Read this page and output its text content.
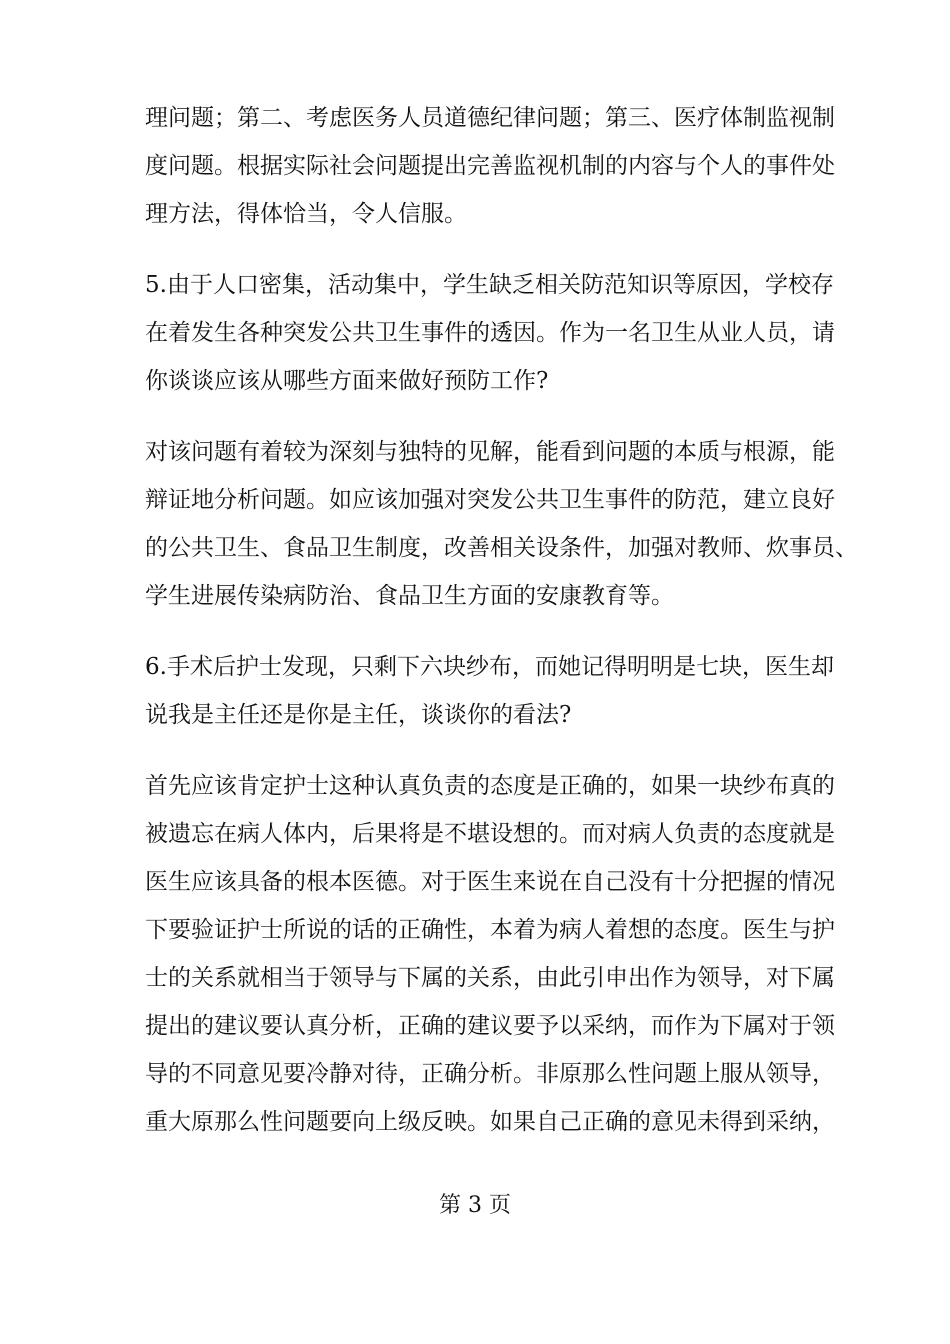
理问题；第二、考虑医务人员道德纪律问题；第三、医疗体制监视制
度问题。根据实际社会问题提出完善监视机制的内容与个人的事件处
理方法，得体恰当，令人信服。
5.由于人口密集，活动集中，学生缺乏相关防范知识等原因，学校存
在着发生各种突发公共卫生事件的透因。作为一名卫生从业人员，请
你谈谈应该从哪些方面来做好预防工作?
对该问题有着较为深刻与独特的见解，能看到问题的本质与根源，能
辩证地分析问题。如应该加强对突发公共卫生事件的防范，建立良好
的公共卫生、食品卫生制度，改善相关设条件，加强对教师、炊事员、
学生进展传染病防治、食品卫生方面的安康教育等。
6.手术后护士发现，只剩下六块纱布，而她记得明明是七块，医生却
说我是主任还是你是主任，谈谈你的看法?
首先应该肯定护士这种认真负责的态度是正确的，如果一块纱布真的
被遗忘在病人体内，后果将是不堪设想的。而对病人负责的态度就是
医生应该具备的根本医德。对于医生来说在自己没有十分把握的情况
下要验证护士所说的话的正确性，本着为病人着想的态度。医生与护
士的关系就相当于领导与下属的关系，由此引申出作为领导，对下属
提出的建议要认真分析，正确的建议要予以采纳，而作为下属对于领
导的不同意见要冷静对待，正确分析。非原那么性问题上服从领导，
重大原那么性问题要向上级反映。如果自己正确的意见未得到采纳，
第 3 页
